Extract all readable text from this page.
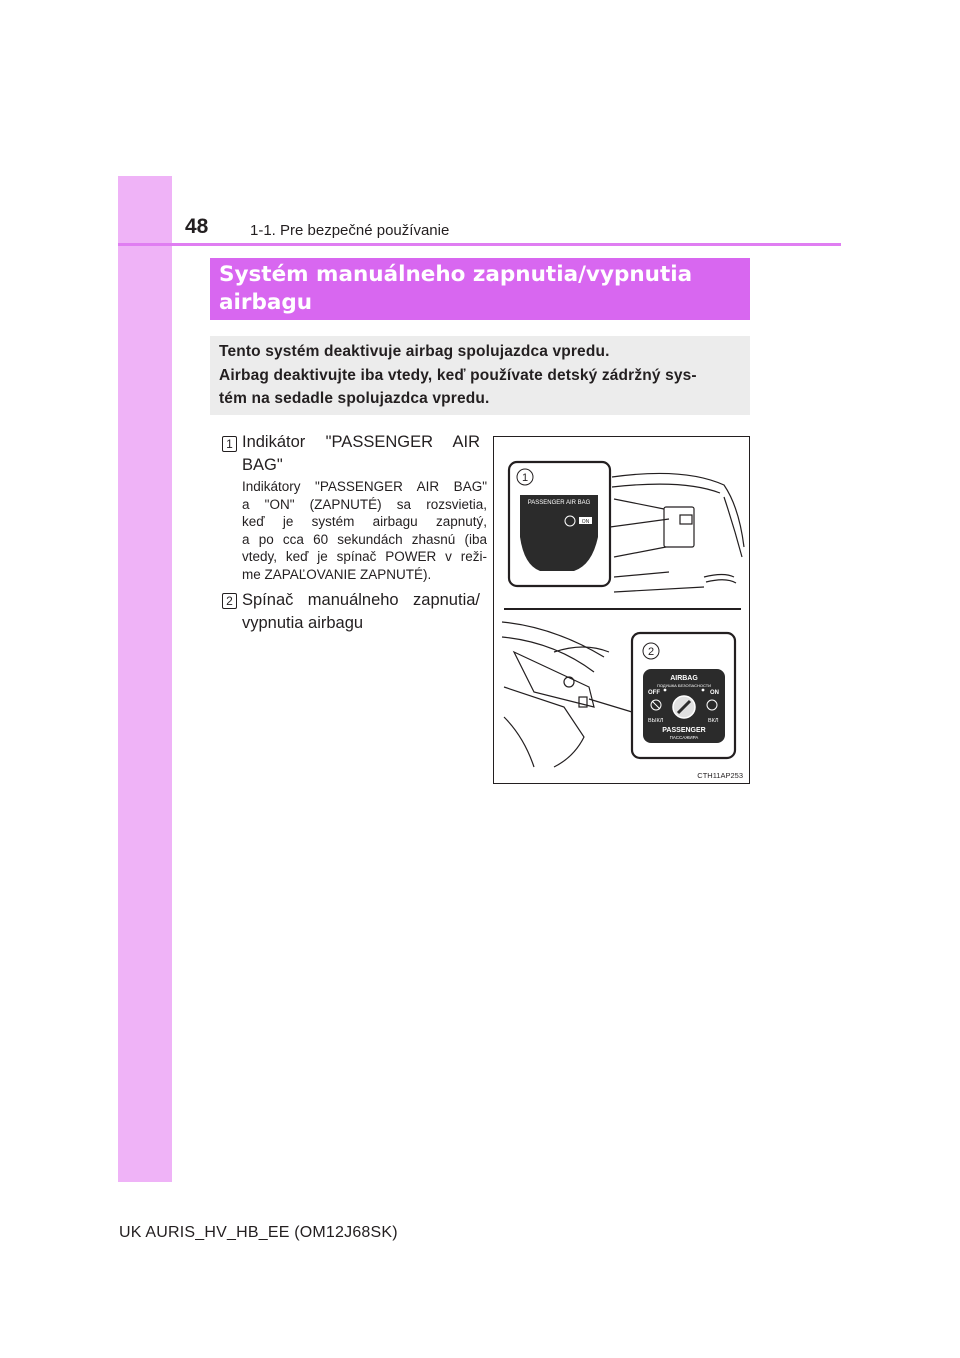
48	1-1. Pre bezpečné používanie
Systém manuálneho zapnutia/vypnutia
airbagu

Tento systém deaktivuje airbag spolujazdca vpredu.

Airbag deaktivujte iba vtedy, keď používate detský zádržný sys-

tém na sedadle spolujazdca vpredu.

1 Indikátor "PASSENGER AIR
BAG"
Indikátory "PASSENGER AIR BAG"
a "ON" (ZAPNUTÉ) sa rozsvietia,
keď je systém airbagu zapnutý,
a po cca 60 sekundách zhasnú (iba
vtedy, keď je spínač POWER v reži-
me ZAPAĽOVANIE ZAPNUTÉ).
2 Spínač manuálneho zapnutia/
vypnutia airbagu
1
PASSENGER AIR BAG
ON
2
AIRBAG
ПОДУШКА БЕЗОПАСНОСТИ
OFF	ON
ВЫКЛ	ВКЛ
PASSENGER
ПАССАЖИРА
CTH11AP253
UK AURIS_HV_HB_EE (OM12J68SK)
